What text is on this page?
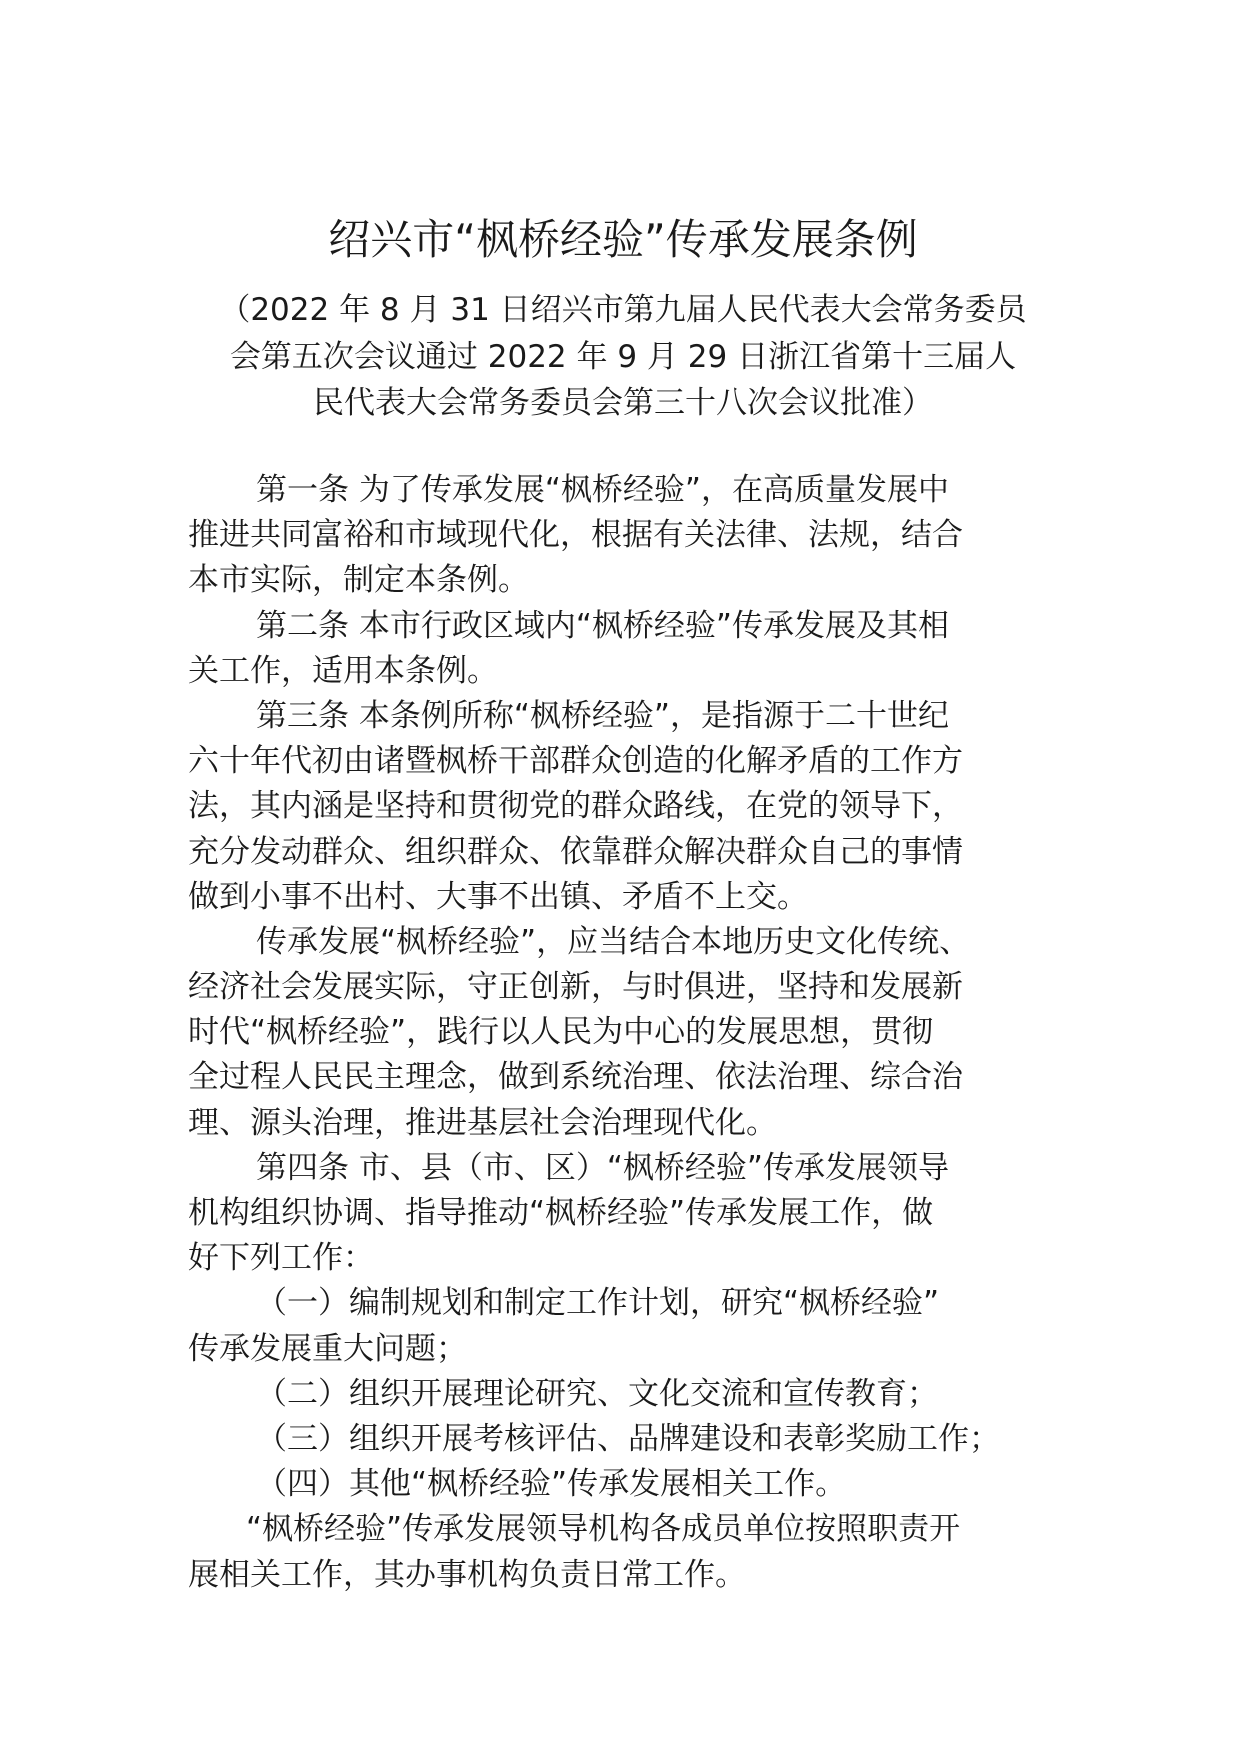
绍兴市“枫桥经验”传承发展条例
（2022 年 8 月 31 日绍兴市第九届人民代表大会常务委员
会第五次会议通过 2022 年 9 月 29 日浙江省第十三届人
民代表大会常务委员会第三十八次会议批准）
第一条 为了传承发展“枫桥经验”，在高质量发展中
推进共同富裕和市域现代化，根据有关法律、法规，结合
本市实际，制定本条例。
第二条 本市行政区域内“枫桥经验”传承发展及其相
关工作，适用本条例。
第三条 本条例所称“枫桥经验”，是指源于二十世纪
六十年代初由诸暨枫桥干部群众创造的化解矛盾的工作方
法，其内涵是坚持和贯彻党的群众路线，在党的领导下，
充分发动群众、组织群众、依靠群众解决群众自己的事情
做到小事不出村、大事不出镇、矛盾不上交。
传承发展“枫桥经验”，应当结合本地历史文化传统、
经济社会发展实际，守正创新，与时俱进，坚持和发展新
时代“枫桥经验”，践行以人民为中心的发展思想，贯彻
全过程人民民主理念，做到系统治理、依法治理、综合治
理、源头治理，推进基层社会治理现代化。
第四条 市、县（市、区）“枫桥经验”传承发展领导
机构组织协调、指导推动“枫桥经验”传承发展工作，做
好下列工作：
（一）编制规划和制定工作计划，研究“枫桥经验”
传承发展重大问题；
（二）组织开展理论研究、文化交流和宣传教育；
（三）组织开展考核评估、品牌建设和表彰奖励工作；
（四）其他“枫桥经验”传承发展相关工作。
“枫桥经验”传承发展领导机构各成员单位按照职责开
展相关工作，其办事机构负责日常工作。
